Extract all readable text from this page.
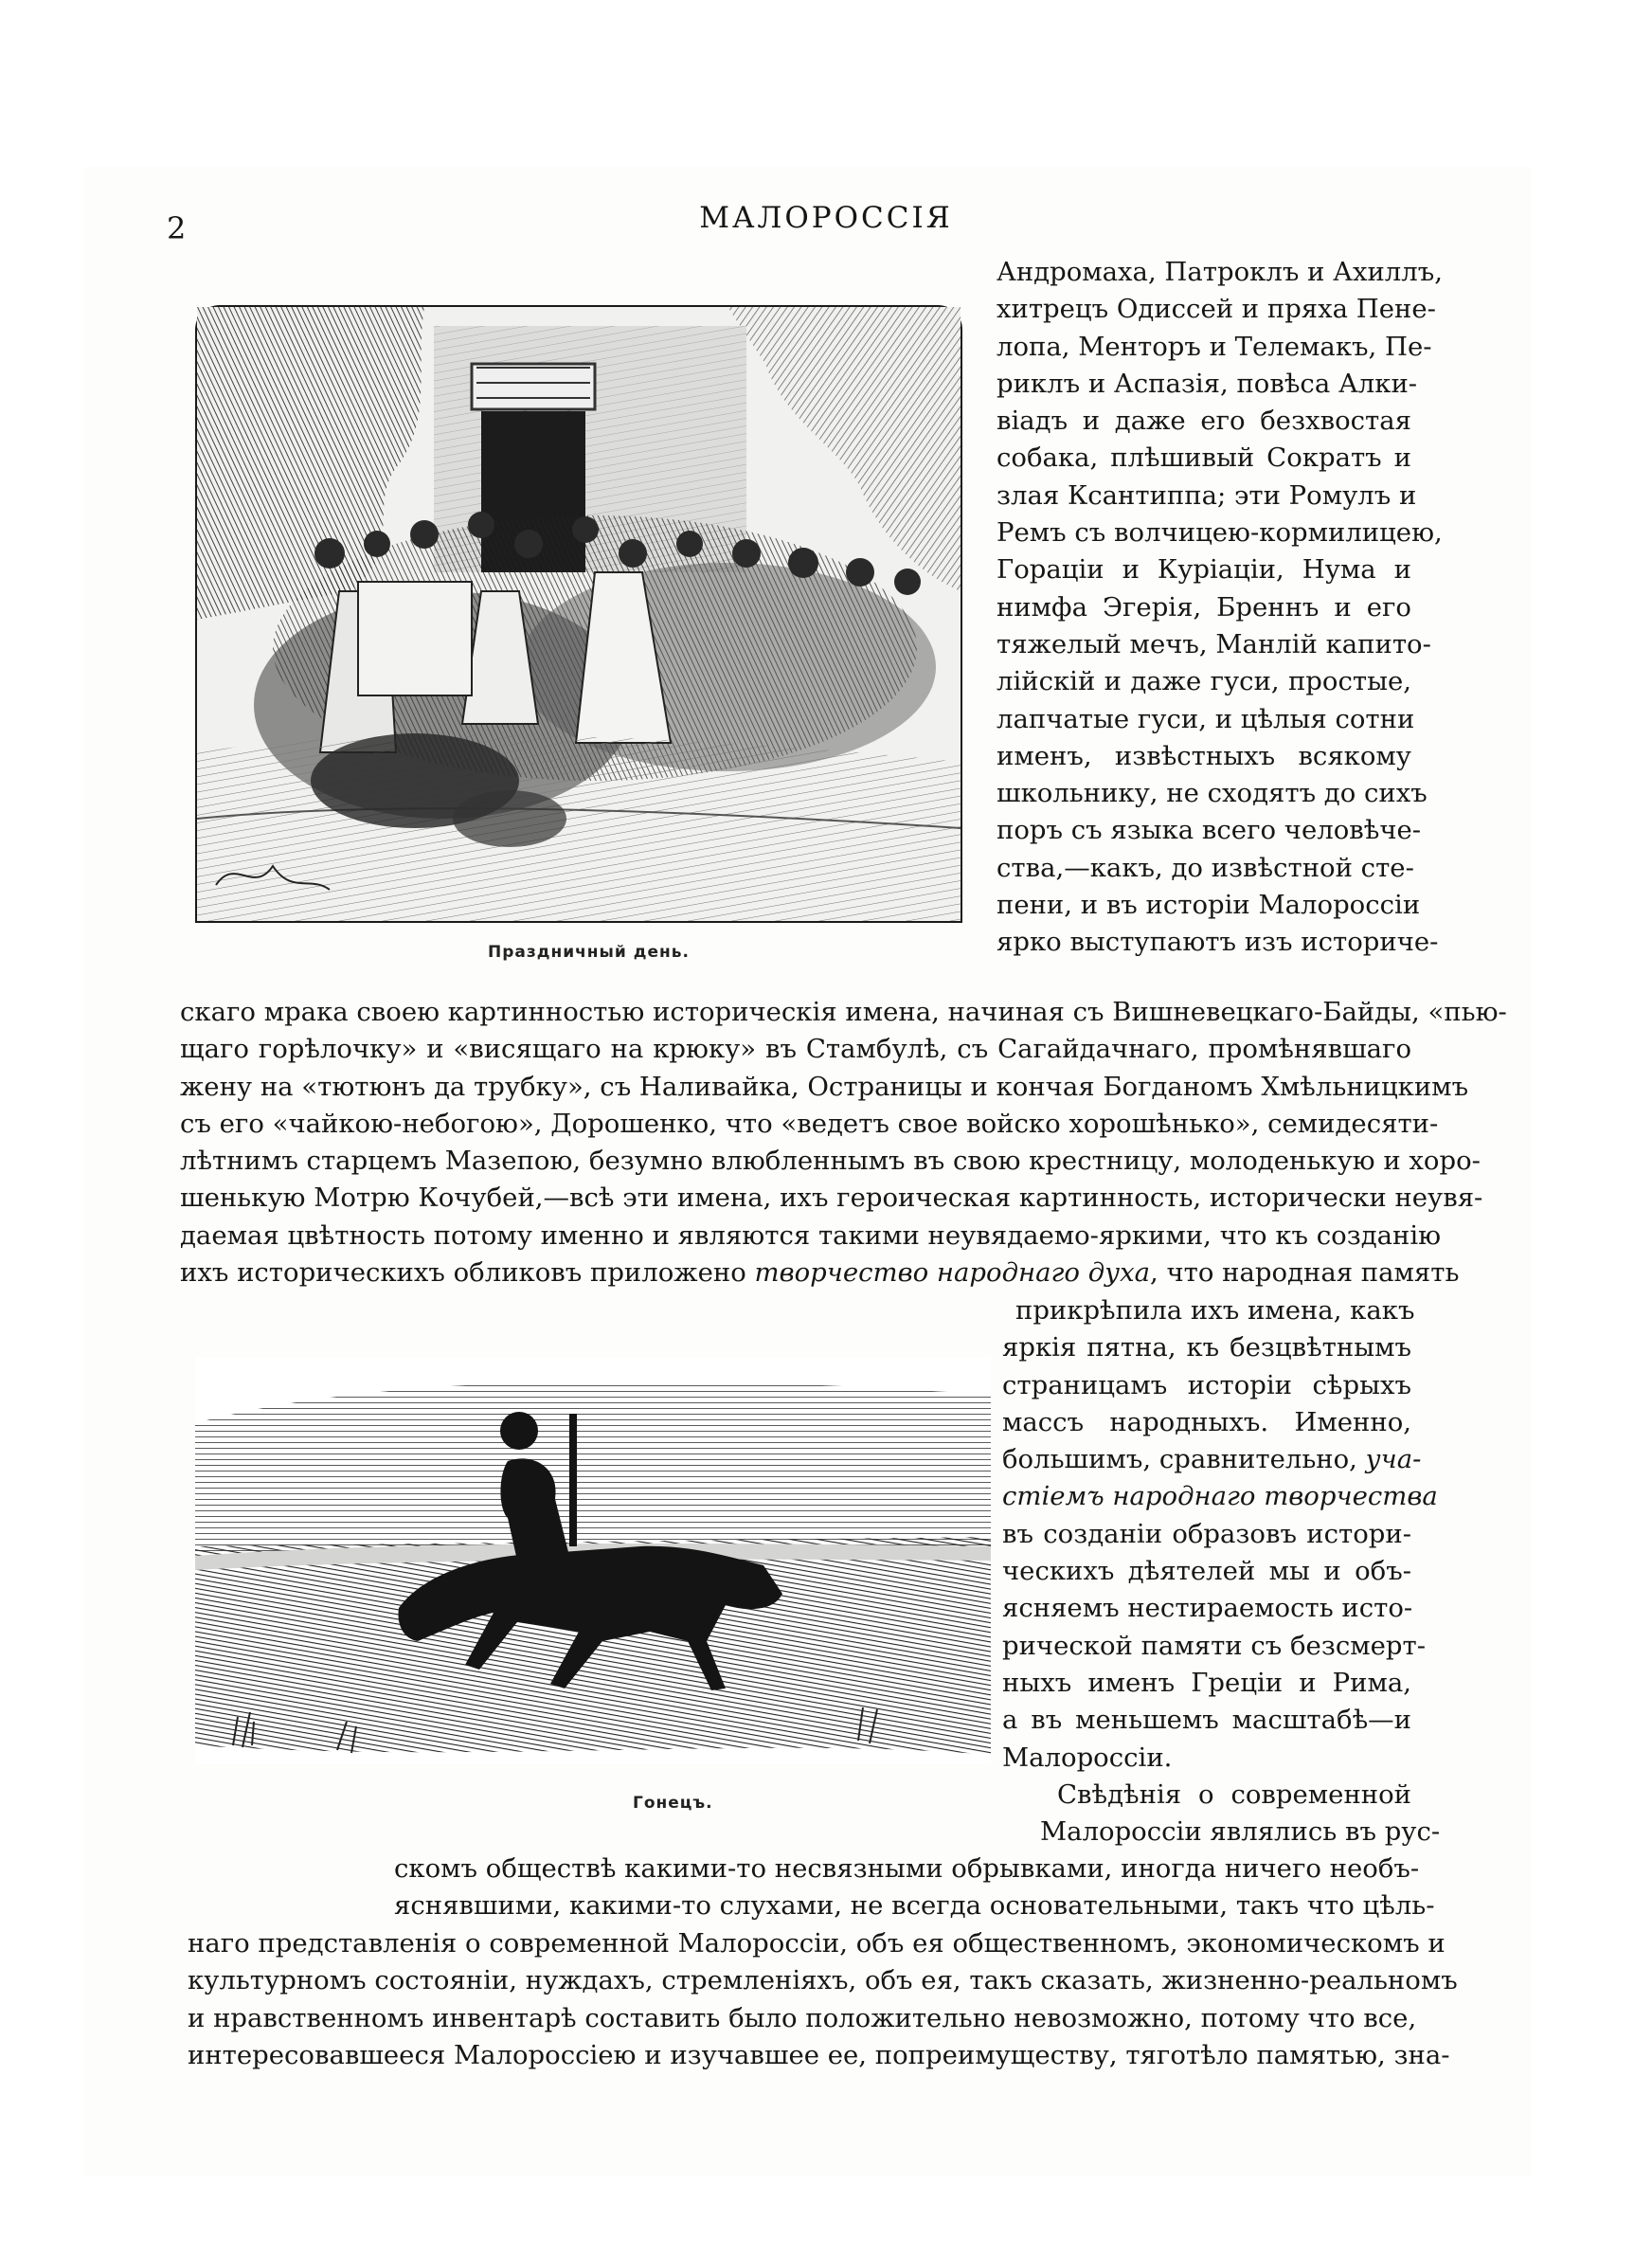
2	МАЛОРОССІЯ
Праздничный день.
Гонецъ.
Андромаха, Патроклъ и Ахиллъ,
хитрецъ Одиссей и пряха Пене-
лопа, Менторъ и Телемакъ, Пе-
риклъ и Аспазія, повѣса Алки-
віадъ и даже его безхвостая
собака, плѣшивый Сократъ и
злая Ксантиппа; эти Ромулъ и
Ремъ съ волчицею-кормилицею,
Гораціи и Куріаціи, Нума и
нимфа Эгерія, Бреннъ и его
тяжелый мечъ, Манлій капито-
лійскій и даже гуси, простые,
лапчатые гуси, и цѣлыя сотни
именъ, извѣстныхъ всякому
школьнику, не сходятъ до сихъ
поръ съ языка всего человѣче-
ства,—какъ, до извѣстной сте-
пени, и въ исторіи Малороссіи
ярко выступаютъ изъ историче-
скаго мрака своею картинностью историческія имена, начиная съ Вишневецкаго-Байды, «пью-
щаго горѣлочку» и «висящаго на крюку» въ Стамбулѣ, съ Сагайдачнаго, промѣнявшаго
жену на «тютюнъ да трубку», съ Наливайка, Остраницы и кончая Богданомъ Хмѣльницкимъ
съ его «чайкою-небогою», Дорошенко, что «ведетъ свое войско хорошѣнько», семидесяти-
лѣтнимъ старцемъ Мазепою, безумно влюбленнымъ въ свою крестницу, молоденькую и хоро-
шенькую Мотрю Кочубей,—всѣ эти имена, ихъ героическая картинность, исторически неувя-
даемая цвѣтность потому именно и являются такими неувядаемо-яркими, что къ созданію
ихъ историческихъ обликовъ приложено творчество народнаго духа, что народная память
прикрѣпила ихъ имена, какъ
яркія пятна, къ безцвѣтнымъ
страницамъ исторіи сѣрыхъ
массъ народныхъ. Именно,
большимъ, сравнительно, уча-
стіемъ народнаго творчества
въ созданіи образовъ истори-
ческихъ дѣятелей мы и объ-
ясняемъ нестираемость исто-
рической памяти съ безсмерт-
ныхъ именъ Греціи и Рима,
а въ меньшемъ масштабѣ—и
Малороссіи.
Свѣдѣнія о современной
Малороссіи являлись въ рус-
скомъ обществѣ какими-то несвязными обрывками, иногда ничего необъ-
яснявшими, какими-то слухами, не всегда основательными, такъ что цѣль-
наго представленія о современной Малороссіи, объ ея общественномъ, экономическомъ и
культурномъ состояніи, нуждахъ, стремленіяхъ, объ ея, такъ сказать, жизненно-реальномъ
и нравственномъ инвентарѣ составить было положительно невозможно, потому что все,
интересовавшееся Малороссіею и изучавшее ее, попреимуществу, тяготѣло памятью, зна-
